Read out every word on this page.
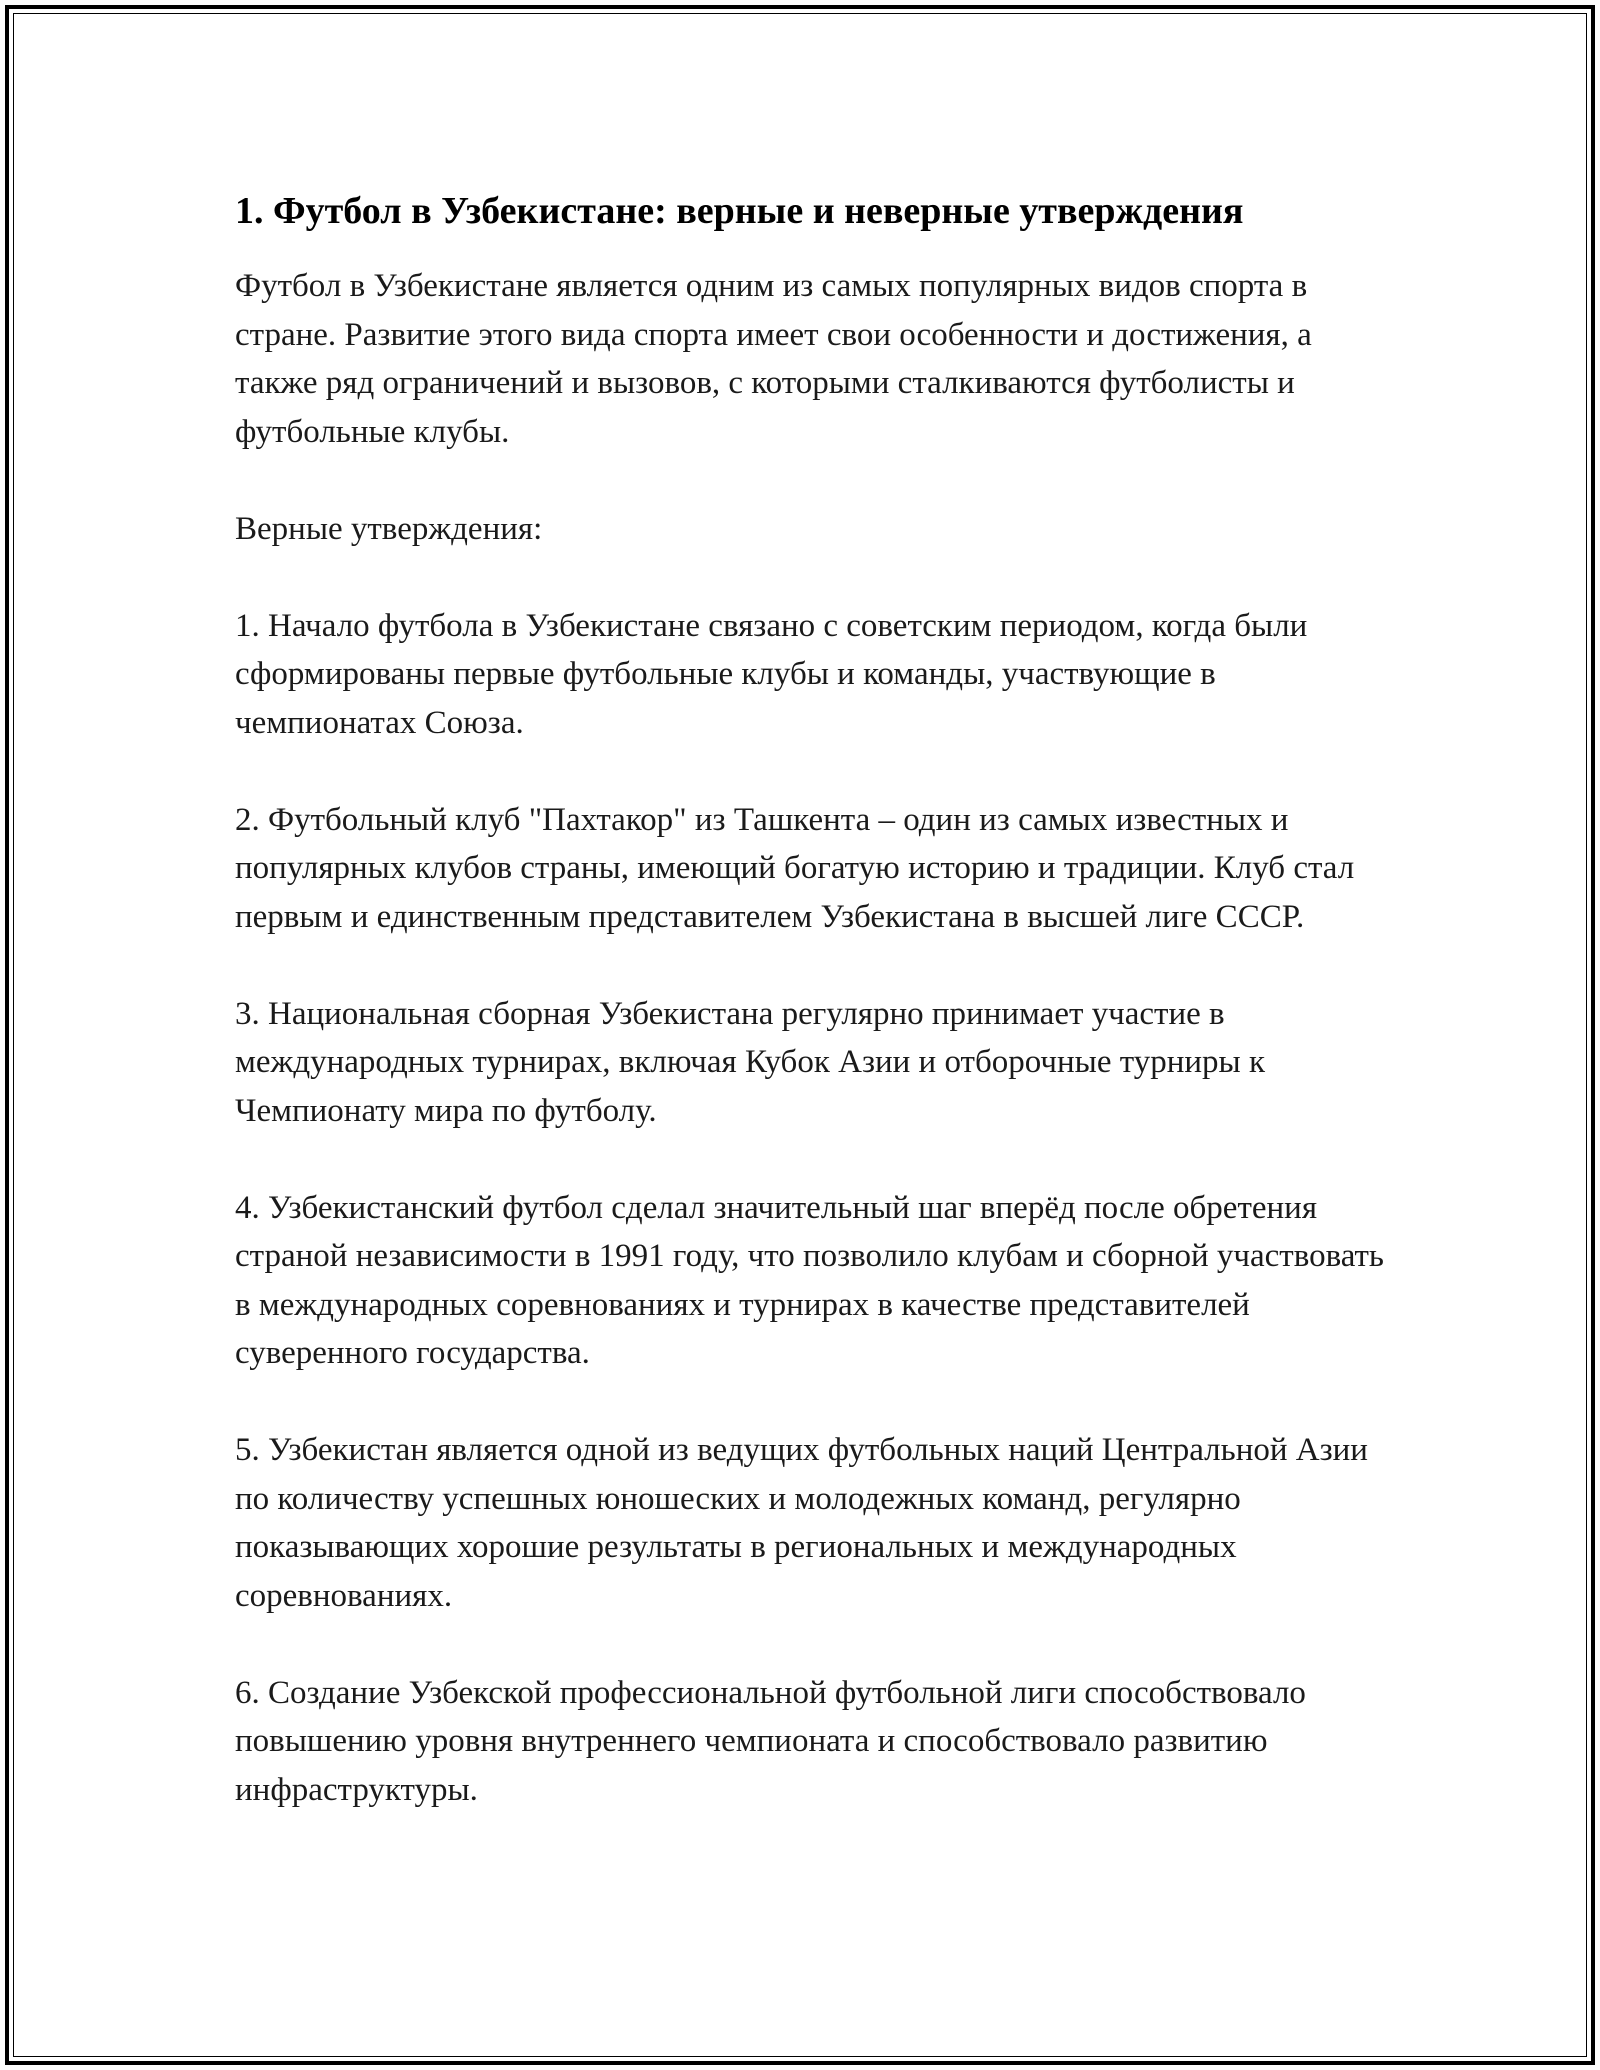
1. Футбол в Узбекистане: верные и неверные утверждения

Футбол в Узбекистане является одним из самых популярных видов спорта в стране. Развитие этого вида спорта имеет свои особенности и достижения, а также ряд ограничений и вызовов, с которыми сталкиваются футболисты и футбольные клубы.

Верные утверждения:

1. Начало футбола в Узбекистане связано с советским периодом, когда были сформированы первые футбольные клубы и команды, участвующие в чемпионатах Союза.

2. Футбольный клуб "Пахтакор" из Ташкента – один из самых известных и популярных клубов страны, имеющий богатую историю и традиции. Клуб стал первым и единственным представителем Узбекистана в высшей лиге СССР.

3. Национальная сборная Узбекистана регулярно принимает участие в международных турнирах, включая Кубок Азии и отборочные турниры к Чемпионату мира по футболу.

4. Узбекистанский футбол сделал значительный шаг вперёд после обретения страной независимости в 1991 году, что позволило клубам и сборной участвовать в международных соревнованиях и турнирах в качестве представителей суверенного государства.

5. Узбекистан является одной из ведущих футбольных наций Центральной Азии по количеству успешных юношеских и молодежных команд, регулярно показывающих хорошие результаты в региональных и международных соревнованиях.

6. Создание Узбекской профессиональной футбольной лиги способствовало повышению уровня внутреннего чемпионата и способствовало развитию инфраструктуры.
